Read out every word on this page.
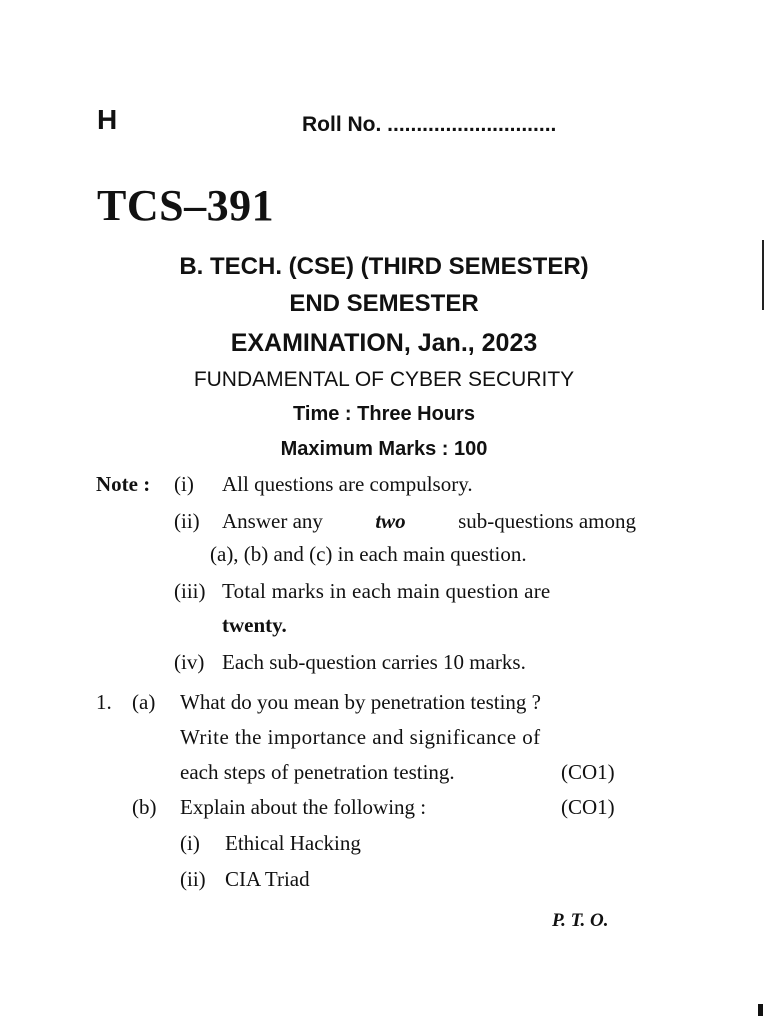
H	Roll No. .............................
TCS–391
B. TECH. (CSE) (THIRD SEMESTER)
END SEMESTER
EXAMINATION, Jan., 2023
FUNDAMENTAL OF CYBER SECURITY
Time : Three Hours
Maximum Marks : 100
Note : (i) All questions are compulsory.
(ii) Answer any two sub-questions among
(a), (b) and (c) in each main question.
(iii) Total marks in each main question are
twenty.
(iv) Each sub-question carries 10 marks.
1. (a) What do you mean by penetration testing ?
Write the importance and significance of
each steps of penetration testing.	(CO1)
(b) Explain about the following :	(CO1)
(i) Ethical Hacking
(ii) CIA Triad
P. T. O.
